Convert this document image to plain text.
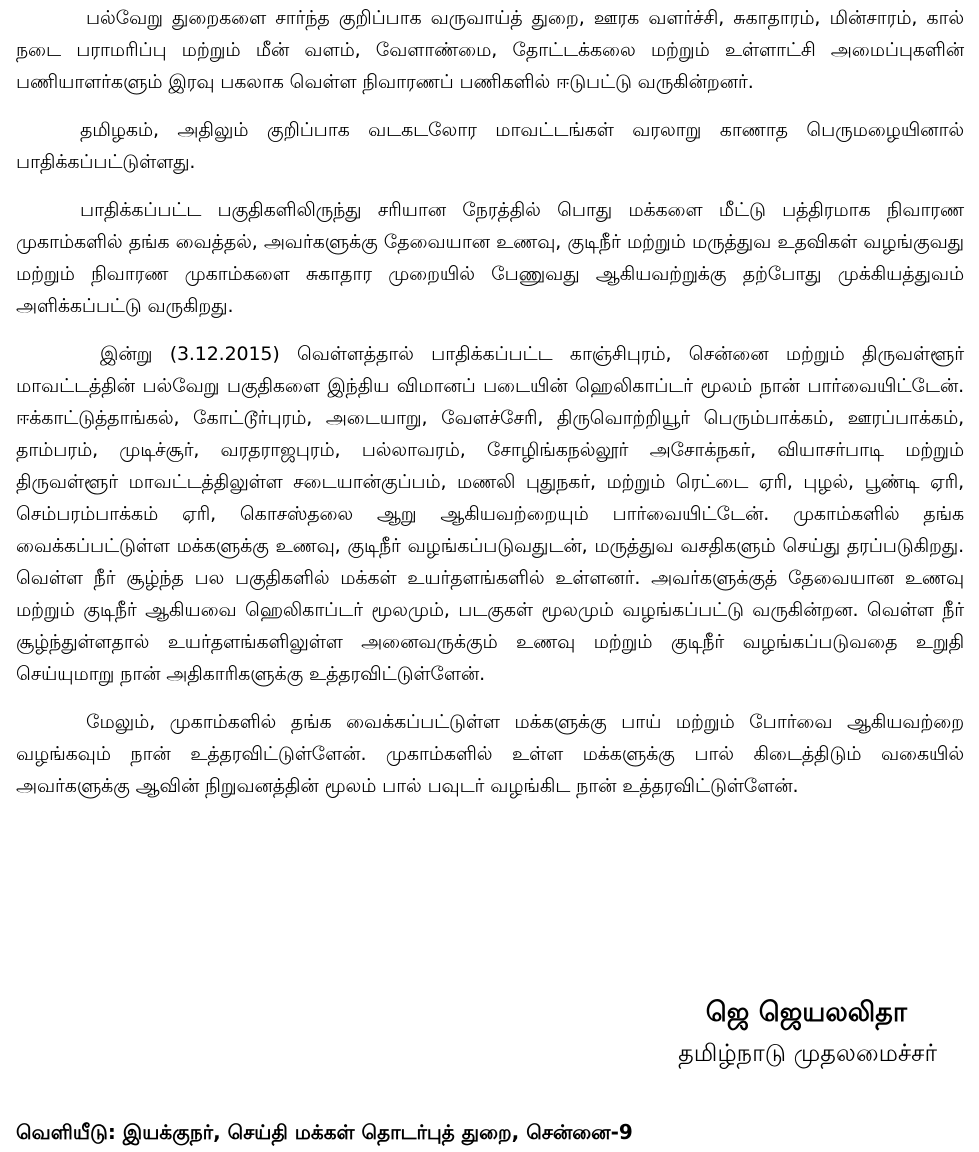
பல்வேறு துறைகளை சார்ந்த குறிப்பாக வருவாய்த் துறை, ஊரக வளர்ச்சி, சுகாதாரம், மின்சாரம், கால் நடை பராமரிப்பு மற்றும் மீன் வளம், வேளாண்மை, தோட்டக்கலை மற்றும் உள்ளாட்சி அமைப்புகளின் பணியாளர்களும் இரவு பகலாக வெள்ள நிவாரணப் பணிகளில் ஈடுபட்டு வருகின்றனர்.

தமிழகம், அதிலும் குறிப்பாக வடகடலோர மாவட்டங்கள் வரலாறு காணாத பெருமழையினால் பாதிக்கப்பட்டுள்ளது.

பாதிக்கப்பட்ட பகுதிகளிலிருந்து சரியான நேரத்தில் பொது மக்களை மீட்டு பத்திரமாக நிவாரண முகாம்களில் தங்க வைத்தல், அவர்களுக்கு தேவையான உணவு, குடிநீர் மற்றும் மருத்துவ உதவிகள் வழங்குவது மற்றும் நிவாரண முகாம்களை சுகாதார முறையில் பேணுவது ஆகியவற்றுக்கு தற்போது முக்கியத்துவம் அளிக்கப்பட்டு வருகிறது.

இன்று (3.12.2015) வெள்ளத்தால் பாதிக்கப்பட்ட காஞ்சிபுரம், சென்னை மற்றும் திருவள்ளூர் மாவட்டத்தின் பல்வேறு பகுதிகளை இந்திய விமானப் படையின் ஹெலிகாப்டர் மூலம் நான் பார்வையிட்டேன். ஈக்காட்டுத்தாங்கல், கோட்டூர்புரம், அடையாறு, வேளச்சேரி, திருவொற்றியூர் பெரும்பாக்கம், ஊரப்பாக்கம், தாம்பரம், முடிச்சூர், வரதராஜபுரம், பல்லாவரம், சோழிங்கநல்லூர் அசோக்நகர், வியாசர்பாடி மற்றும் திருவள்ளூர் மாவட்டத்திலுள்ள சடையான்குப்பம், மணலி புதுநகர், மற்றும் ரெட்டை ஏரி, புழல், பூண்டி ஏரி, செம்பரம்பாக்கம் ஏரி, கொசஸ்தலை ஆறு ஆகியவற்றையும் பார்வையிட்டேன். முகாம்களில் தங்க வைக்கப்பட்டுள்ள மக்களுக்கு உணவு, குடிநீர் வழங்கப்படுவதுடன், மருத்துவ வசதிகளும் செய்து தரப்படுகிறது. வெள்ள நீர் சூழ்ந்த பல பகுதிகளில் மக்கள் உயர்தளங்களில் உள்ளனர். அவர்களுக்குத் தேவையான உணவு மற்றும் குடிநீர் ஆகியவை ஹெலிகாப்டர் மூலமும், படகுகள் மூலமும் வழங்கப்பட்டு வருகின்றன. வெள்ள நீர் சூழ்ந்துள்ளதால் உயர்தளங்களிலுள்ள அனைவருக்கும் உணவு மற்றும் குடிநீர் வழங்கப்படுவதை உறுதி செய்யுமாறு நான் அதிகாரிகளுக்கு உத்தரவிட்டுள்ளேன்.

மேலும், முகாம்களில் தங்க வைக்கப்பட்டுள்ள மக்களுக்கு பாய் மற்றும் போர்வை ஆகியவற்றை வழங்கவும் நான் உத்தரவிட்டுள்ளேன். முகாம்களில் உள்ள மக்களுக்கு பால் கிடைத்திடும் வகையில் அவர்களுக்கு ஆவின் நிறுவனத்தின் மூலம் பால் பவுடர் வழங்கிட நான் உத்தரவிட்டுள்ளேன்.

ஜெ ஜெயலலிதா
தமிழ்நாடு முதலமைச்சர்
வெளியீடு: இயக்குநர், செய்தி மக்கள் தொடர்புத் துறை, சென்னை-9
